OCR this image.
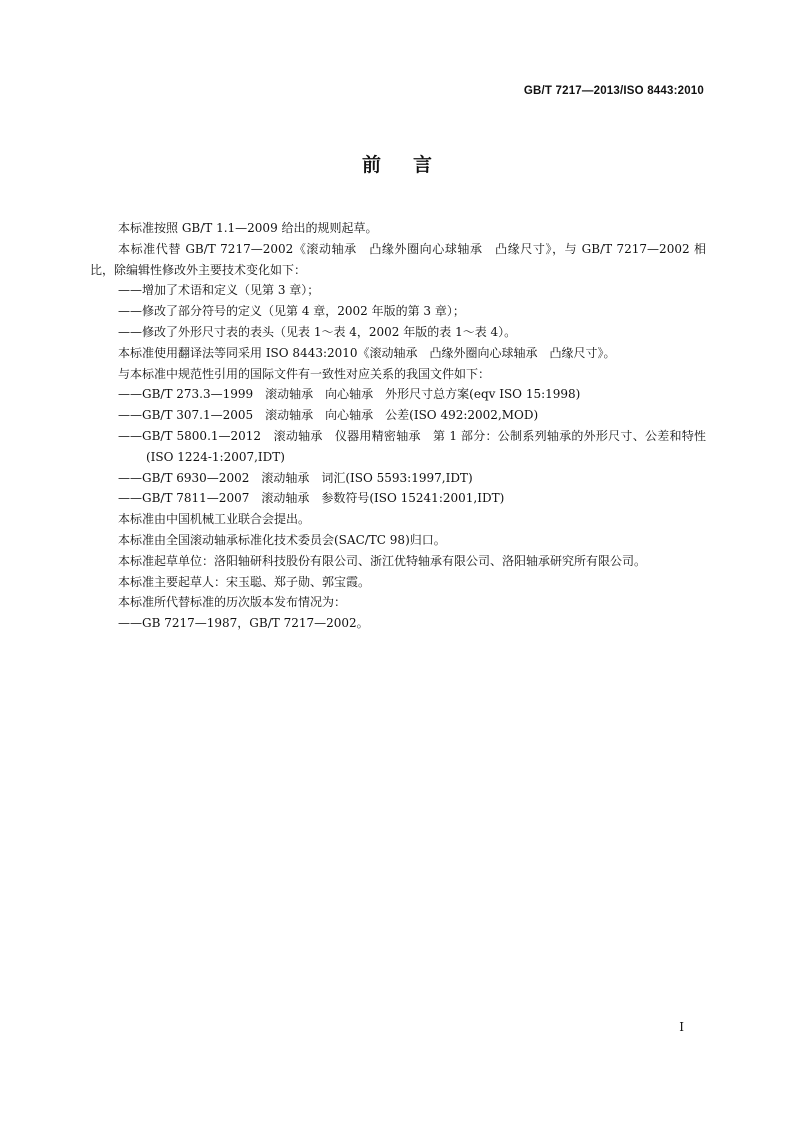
GB/T 7217—2013/ISO 8443:2010
前言

本标准按照 GB/T 1.1—2009 给出的规则起草。

本标准代替 GB/T 7217—2002《滚动轴承　凸缘外圈向心球轴承　凸缘尺寸》，与 GB/T 7217—2002 相比，除编辑性修改外主要技术变化如下：

——增加了术语和定义（见第 3 章）；

——修改了部分符号的定义（见第 4 章，2002 年版的第 3 章）；

——修改了外形尺寸表的表头（见表 1～表 4，2002 年版的表 1～表 4）。

本标准使用翻译法等同采用 ISO 8443:2010《滚动轴承　凸缘外圈向心球轴承　凸缘尺寸》。

与本标准中规范性引用的国际文件有一致性对应关系的我国文件如下：

——GB/T 273.3—1999　滚动轴承　向心轴承　外形尺寸总方案(eqv ISO 15:1998)

——GB/T 307.1—2005　滚动轴承　向心轴承　公差(ISO 492:2002,MOD)

——GB/T 5800.1—2012　滚动轴承　仪器用精密轴承　第 1 部分：公制系列轴承的外形尺寸、公差和特性(ISO 1224-1:2007,IDT)

——GB/T 6930—2002　滚动轴承　词汇(ISO 5593:1997,IDT)

——GB/T 7811—2007　滚动轴承　参数符号(ISO 15241:2001,IDT)

本标准由中国机械工业联合会提出。

本标准由全国滚动轴承标准化技术委员会(SAC/TC 98)归口。

本标准起草单位：洛阳轴研科技股份有限公司、浙江优特轴承有限公司、洛阳轴承研究所有限公司。

本标准主要起草人：宋玉聪、郑子勋、郭宝霞。

本标准所代替标准的历次版本发布情况为：

——GB 7217—1987，GB/T 7217—2002。

I
